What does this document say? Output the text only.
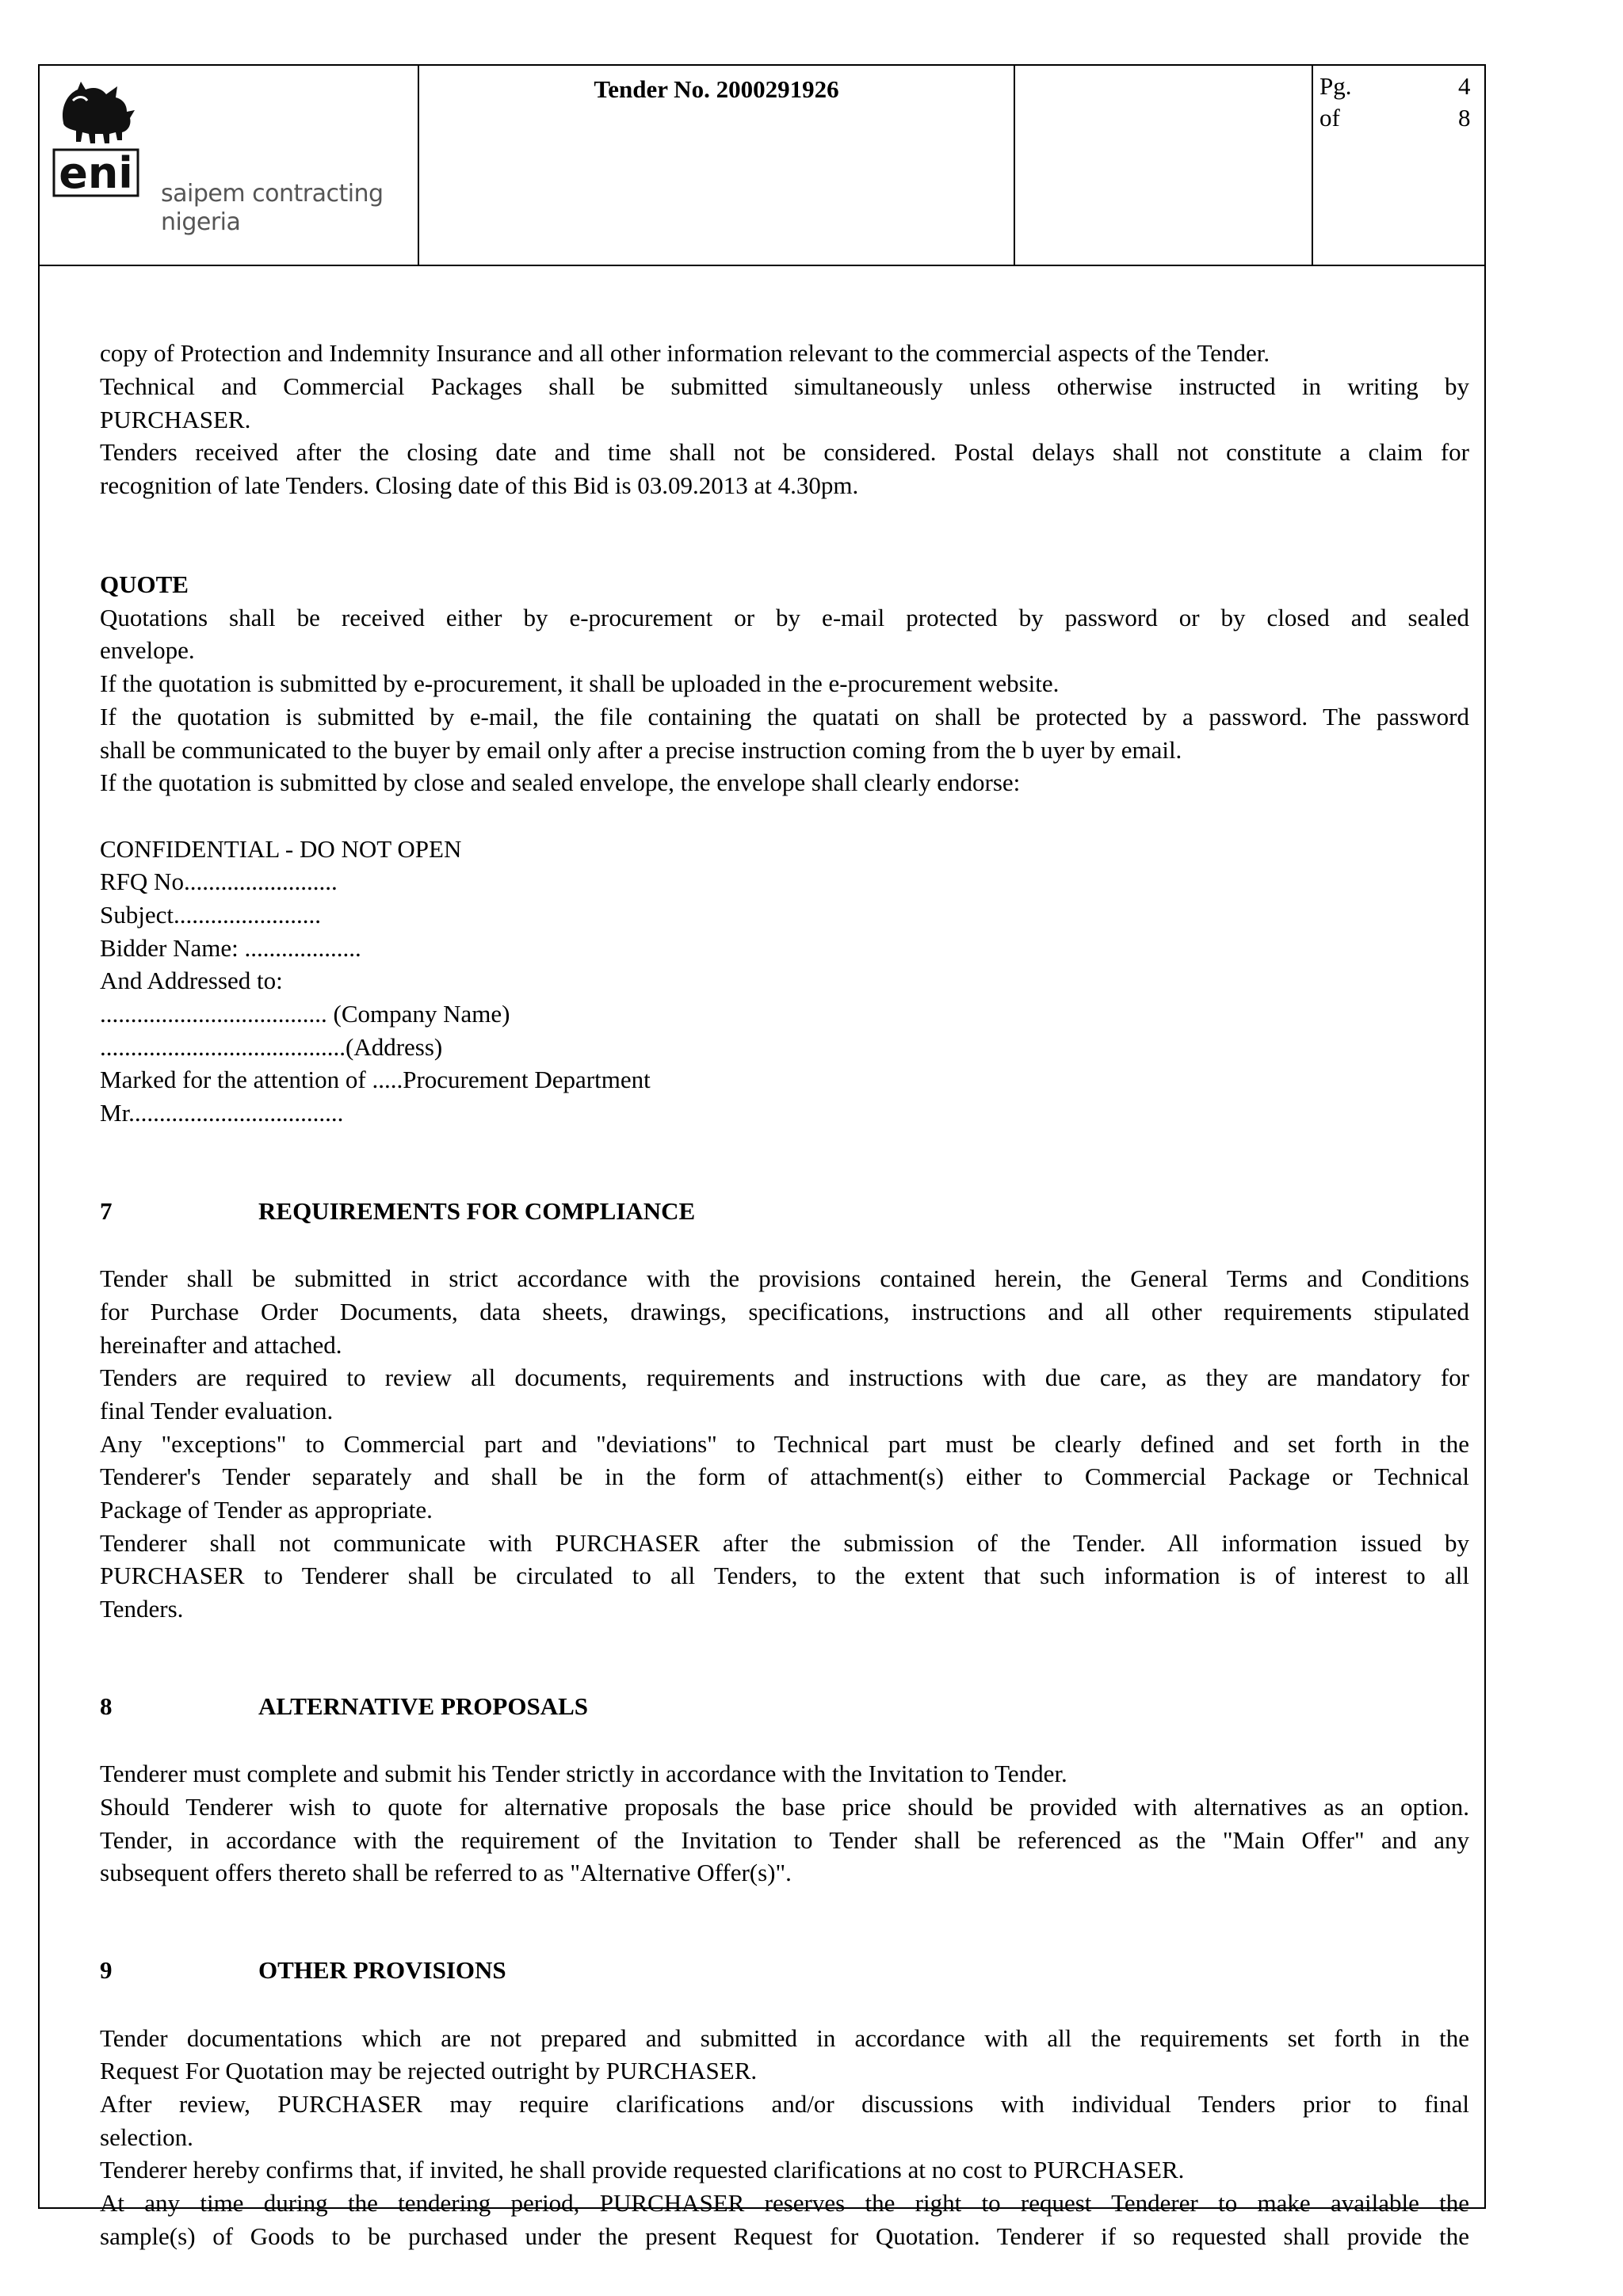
eni saipem contracting
nigeria
Tender No. 2000291926	Pg.	4
of	8
copy of Protection and Indemnity Insurance and all other information relevant to the commercial aspects of the Tender.
Technical and Commercial Packages shall be submitted simultaneously unless otherwise instructed in writing by
PURCHASER.
Tenders received after the closing date and time shall not be considered. Postal delays shall not constitute a claim for
recognition of late Tenders. Closing date of this Bid is 03.09.2013 at 4.30pm.
QUOTE
Quotations shall be received either by e-procurement or by e-mail protected by password or by closed and sealed
envelope.
If the quotation is submitted by e-procurement, it shall be uploaded in the e-procurement website.
If the quotation is submitted by e-mail, the file containing the quatati on shall be protected by a password. The password
shall be communicated to the buyer by email only after a precise instruction coming from the b uyer by email.
If the quotation is submitted by close and sealed envelope, the envelope shall clearly endorse:
CONFIDENTIAL - DO NOT OPEN
RFQ No.........................
Subject........................
Bidder Name: ...................
And Addressed to:
..................................... (Company Name)
........................................(Address)
Marked for the attention of .....Procurement Department
Mr...................................
7	REQUIREMENTS FOR COMPLIANCE
Tender shall be submitted in strict accordance with the provisions contained herein, the General Terms and Conditions
for Purchase Order Documents, data sheets, drawings, specifications, instructions and all other requirements stipulated
hereinafter and attached.
Tenders are required to review all documents, requirements and instructions with due care, as they are mandatory for
final Tender evaluation.
Any "exceptions" to Commercial part and "deviations" to Technical part must be clearly defined and set forth in the
Tenderer's Tender separately and shall be in the form of attachment(s) either to Commercial Package or Technical
Package of Tender as appropriate.
Tenderer shall not communicate with PURCHASER after the submission of the Tender. All information issued by
PURCHASER to Tenderer shall be circulated to all Tenders, to the extent that such information is of interest to all
Tenders.
8	ALTERNATIVE PROPOSALS
Tenderer must complete and submit his Tender strictly in accordance with the Invitation to Tender.
Should Tenderer wish to quote for alternative proposals the base price should be provided with alternatives as an option.
Tender, in accordance with the requirement of the Invitation to Tender shall be referenced as the "Main Offer" and any
subsequent offers thereto shall be referred to as "Alternative Offer(s)".
9	OTHER PROVISIONS
Tender documentations which are not prepared and submitted in accordance with all the requirements set forth in the
Request For Quotation may be rejected outright by PURCHASER.
After review, PURCHASER may require clarifications and/or discussions with individual Tenders prior to final
selection.
Tenderer hereby confirms that, if invited, he shall provide requested clarifications at no cost to PURCHASER.
At any time during the tendering period, PURCHASER reserves the right to request Tenderer to make available the
sample(s) of Goods to be purchased under the present Request for Quotation. Tenderer if so requested shall provide the
